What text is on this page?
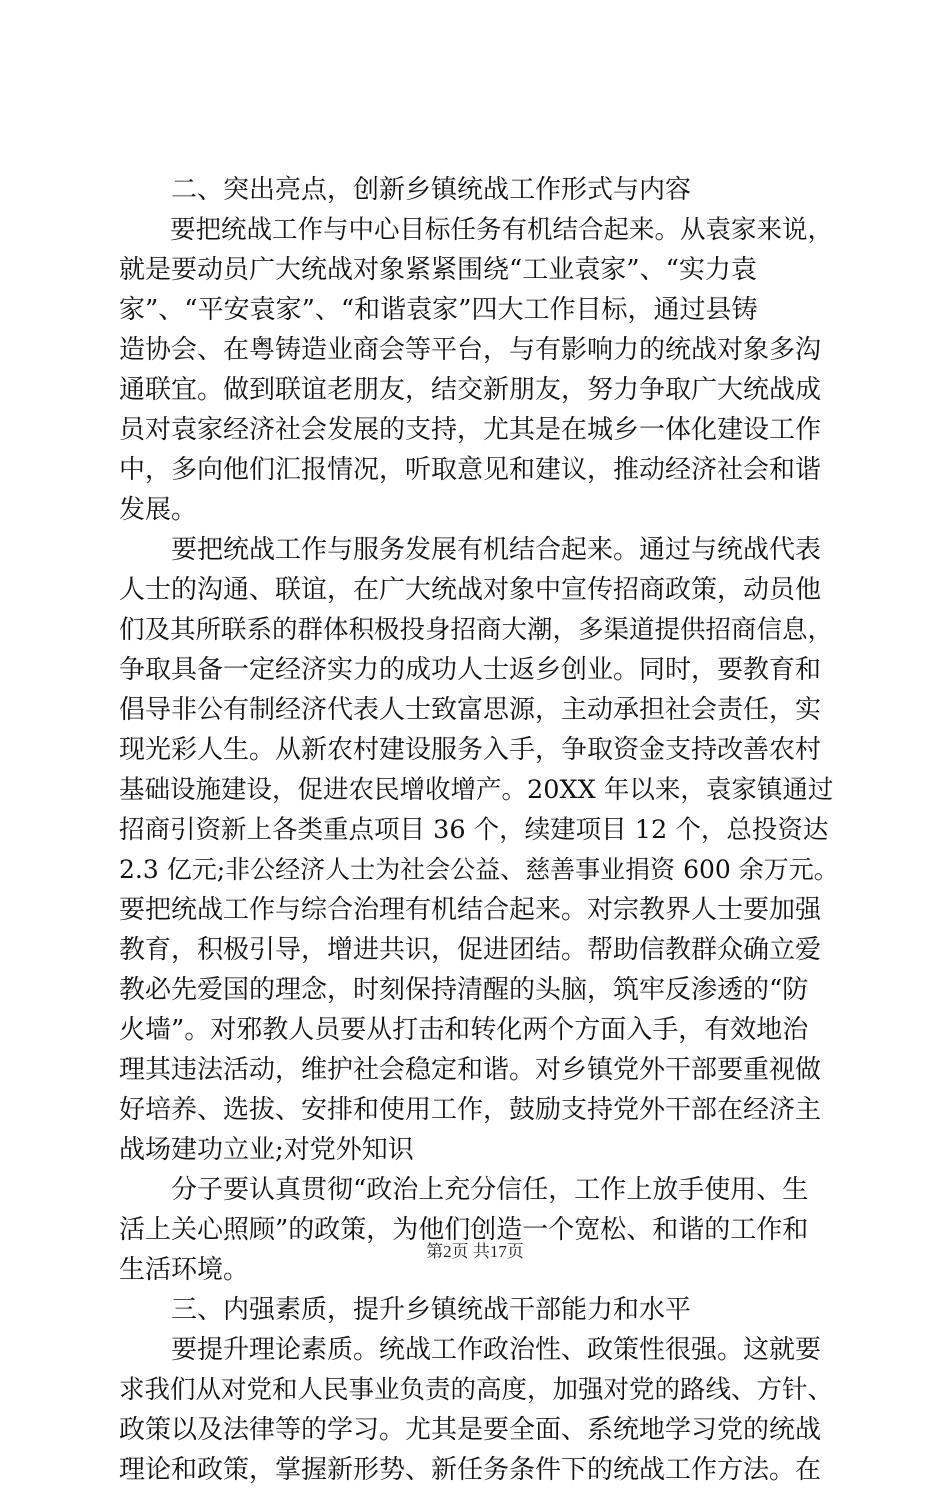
　　二、突出亮点，创新乡镇统战工作形式与内容
　　要把统战工作与中心目标任务有机结合起来。从袁家来说，
就是要动员广大统战对象紧紧围绕“工业袁家”、“实力袁
家”、“平安袁家”、“和谐袁家”四大工作目标，通过县铸
造协会、在粤铸造业商会等平台，与有影响力的统战对象多沟
通联宜。做到联谊老朋友，结交新朋友，努力争取广大统战成
员对袁家经济社会发展的支持，尤其是在城乡一体化建设工作
中，多向他们汇报情况，听取意见和建议，推动经济社会和谐
发展。
　　要把统战工作与服务发展有机结合起来。通过与统战代表
人士的沟通、联谊，在广大统战对象中宣传招商政策，动员他
们及其所联系的群体积极投身招商大潮，多渠道提供招商信息，
争取具备一定经济实力的成功人士返乡创业。同时，要教育和
倡导非公有制经济代表人士致富思源，主动承担社会责任，实
现光彩人生。从新农村建设服务入手，争取资金支持改善农村
基础设施建设，促进农民增收增产。20XX 年以来，袁家镇通过
招商引资新上各类重点项目 36 个，续建项目 12 个，总投资达
2.3 亿元;非公经济人士为社会公益、慈善事业捐资 600 余万元。
要把统战工作与综合治理有机结合起来。对宗教界人士要加强
教育，积极引导，增进共识，促进团结。帮助信教群众确立爱
教必先爱国的理念，时刻保持清醒的头脑，筑牢反渗透的“防
火墙”。对邪教人员要从打击和转化两个方面入手，有效地治
理其违法活动，维护社会稳定和谐。对乡镇党外干部要重视做
好培养、选拔、安排和使用工作，鼓励支持党外干部在经济主
战场建功立业;对党外知识
　　分子要认真贯彻“政治上充分信任，工作上放手使用、生
活上关心照顾”的政策，为他们创造一个宽松、和谐的工作和
生活环境。
　　三、内强素质，提升乡镇统战干部能力和水平
　　要提升理论素质。统战工作政治性、政策性很强。这就要
求我们从对党和人民事业负责的高度，加强对党的路线、方针、
政策以及法律等的学习。尤其是要全面、系统地学习党的统战
理论和政策，掌握新形势、新任务条件下的统战工作方法。在
第2页 共17页
